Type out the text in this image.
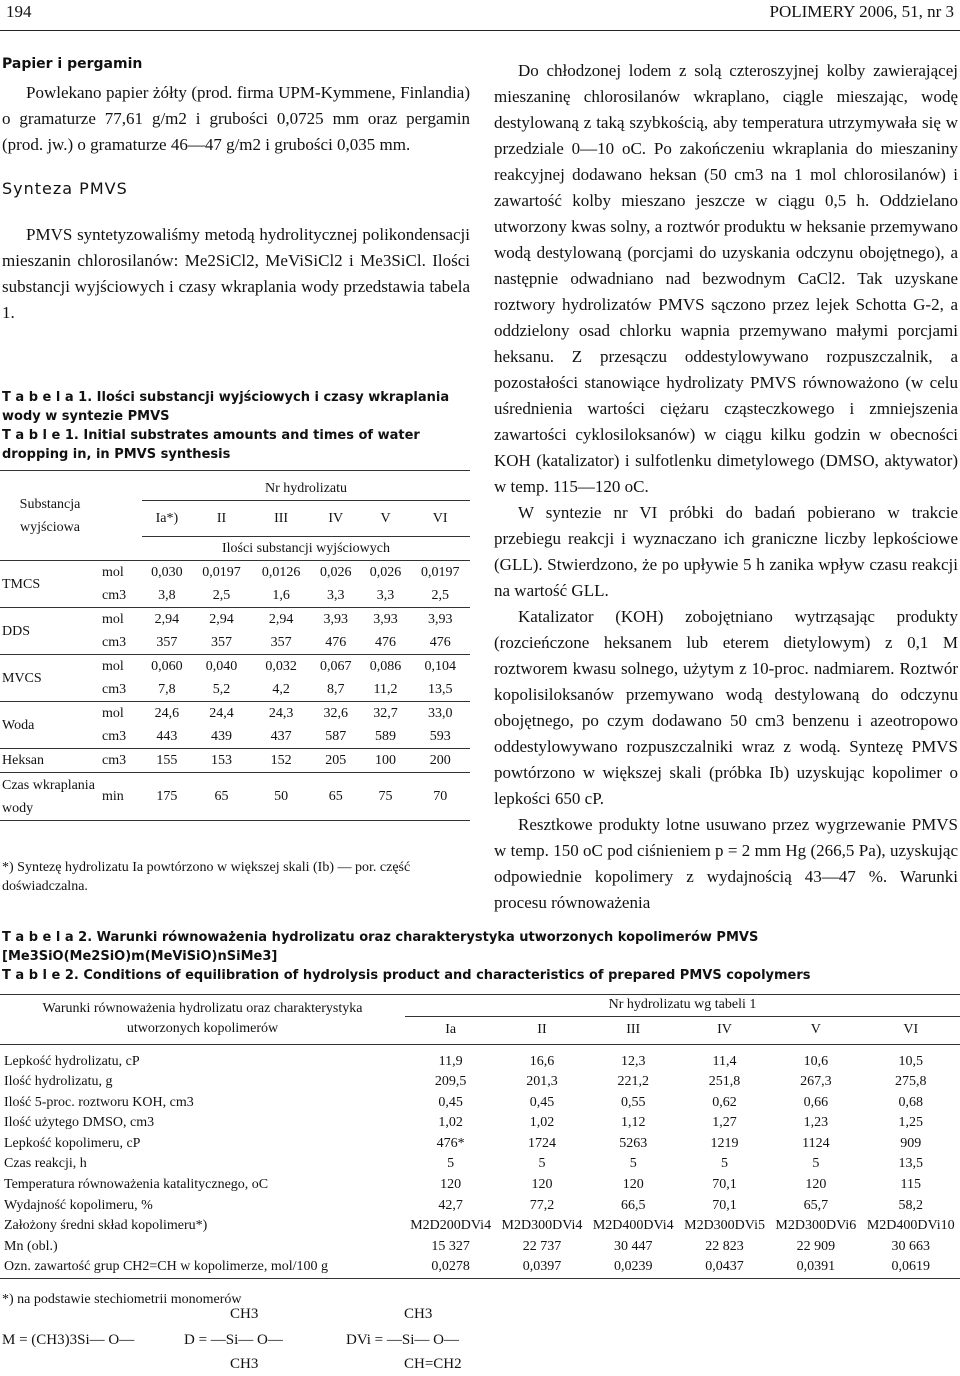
194	POLIMERY 2006, 51, nr 3
Papier i pergamin

Powlekano papier żółty (prod. firma UPM-Kymmene, Finlandia) o gramaturze 77,61 g/m2 i grubości 0,0725 mm oraz pergamin (prod. jw.) o gramaturze 46—47 g/m2 i grubości 0,035 mm.

Synteza PMVS

PMVS syntetyzowaliśmy metodą hydrolitycznej polikondensacji mieszanin chlorosilanów: Me2SiCl2, MeViSiCl2 i Me3SiCl. Ilości substancji wyjściowych i czasy wkraplania wody przedstawia tabela 1.

T a b e l a 1. Ilości substancji wyjściowych i czasy wkraplania wody w syntezie PMVS
T a b l e 1. Initial substrates amounts and times of water dropping in, in PMVS synthesis
Substancja wyjściowa		Nr hydrolizatu					
		Ia*)	II	III	IV	V	VI
		Ilości substancji wyjściowych					
TMCS	mol	0,030	0,0197	0,0126	0,026	0,026	0,0197
	cm3	3,8	2,5	1,6	3,3	3,3	2,5
DDS	mol	2,94	2,94	2,94	3,93	3,93	3,93
	cm3	357	357	357	476	476	476
MVCS	mol	0,060	0,040	0,032	0,067	0,086	0,104
	cm3	7,8	5,2	4,2	8,7	11,2	13,5
Woda	mol	24,6	24,4	24,3	32,6	32,7	33,0
	cm3	443	439	437	587	589	593
Heksan	cm3	155	153	152	205	100	200
Czas wkraplania wody	min	175	65	50	65	75	70
*) Syntezę hydrolizatu Ia powtórzono w większej skali (Ib) — por. część doświadczalna.

Do chłodzonej lodem z solą czteroszyjnej kolby zawierającej mieszaninę chlorosilanów wkraplano, ciągle mieszając, wodę destylowaną z taką szybkością, aby temperatura utrzymywała się w przedziale 0—10 oC. Po zakończeniu wkraplania do mieszaniny reakcyjnej dodawano heksan (50 cm3 na 1 mol chlorosilanów) i zawartość kolby mieszano jeszcze w ciągu 0,5 h. Oddzielano utworzony kwas solny, a roztwór produktu w heksanie przemywano wodą destylowaną (porcjami do uzyskania odczynu obojętnego), a następnie odwadniano nad bezwodnym CaCl2. Tak uzyskane roztwory hydrolizatów PMVS sączono przez lejek Schotta G-2, a oddzielony osad chlorku wapnia przemywano małymi porcjami heksanu. Z przesączu oddestylowywano rozpuszczalnik, a pozostałości stanowiące hydrolizaty PMVS równoważono (w celu uśrednienia wartości ciężaru cząsteczkowego i zmniejszenia zawartości cyklosiloksanów) w ciągu kilku godzin w obecności KOH (katalizator) i sulfotlenku dimetylowego (DMSO, aktywator) w temp. 115—120 oC.

W syntezie nr VI próbki do badań pobierano w trakcie przebiegu reakcji i wyznaczano ich graniczne liczby lepkościowe (GLL). Stwierdzono, że po upływie 5 h zanika wpływ czasu reakcji na wartość GLL.

Katalizator (KOH) zobojętniano wytrząsając produkty (rozcieńczone heksanem lub eterem dietylowym) z 0,1 M roztworem kwasu solnego, użytym z 10-proc. nadmiarem. Roztwór kopolisiloksanów przemywano wodą destylowaną do odczynu obojętnego, po czym dodawano 50 cm3 benzenu i azeotropowo oddestylowywano rozpuszczalniki wraz z wodą. Syntezę PMVS powtórzono w większej skali (próbka Ib) uzyskując kopolimer o lepkości 650 cP.

Resztkowe produkty lotne usuwano przez wygrzewanie PMVS w temp. 150 oC pod ciśnieniem p = 2 mm Hg (266,5 Pa), uzyskując odpowiednie kopolimery z wydajnością 43—47 %. Warunki procesu równoważenia

T a b e l a 2. Warunki równoważenia hydrolizatu oraz charakterystyka utworzonych kopolimerów PMVS [Me3SiO(Me2SiO)m(MeViSiO)nSiMe3]
T a b l e 2. Conditions of equilibration of hydrolysis product and characteristics of prepared PMVS copolymers
Warunki równoważenia hydrolizatu oraz charakterystyka utworzonych kopolimerów	Nr hydrolizatu wg tabeli 1					
	Ia	II	III	IV	V	VI
Lepkość hydrolizatu, cP	11,9	16,6	12,3	11,4	10,6	10,5
Ilość hydrolizatu, g	209,5	201,3	221,2	251,8	267,3	275,8
Ilość 5-proc. roztworu KOH, cm3	0,45	0,45	0,55	0,62	0,66	0,68
Ilość użytego DMSO, cm3	1,02	1,02	1,12	1,27	1,23	1,25
Lepkość kopolimeru, cP	476*	1724	5263	1219	1124	909
Czas reakcji, h	5	5	5	5	5	13,5
Temperatura równoważenia katalitycznego, oC	120	120	120	70,1	120	115
Wydajność kopolimeru, %	42,7	77,2	66,5	70,1	65,7	58,2
Założony średni skład kopolimeru*)	M2D200DVi4	M2D300DVi4	M2D400DVi4	M2D300DVi5	M2D300DVi6	M2D400DVi10
Mn (obl.)	15 327	22 737	30 447	22 823	22 909	30 663
Ozn. zawartość grup CH2=CH w kopolimerze, mol/100 g	0,0278	0,0397	0,0239	0,0437	0,0391	0,0619
*) na podstawie stechiometrii monomerów
M = (CH3)3Si— O—
CH3
D = —Si— O—
CH3
CH3
DVi = —Si— O—
CH=CH2
